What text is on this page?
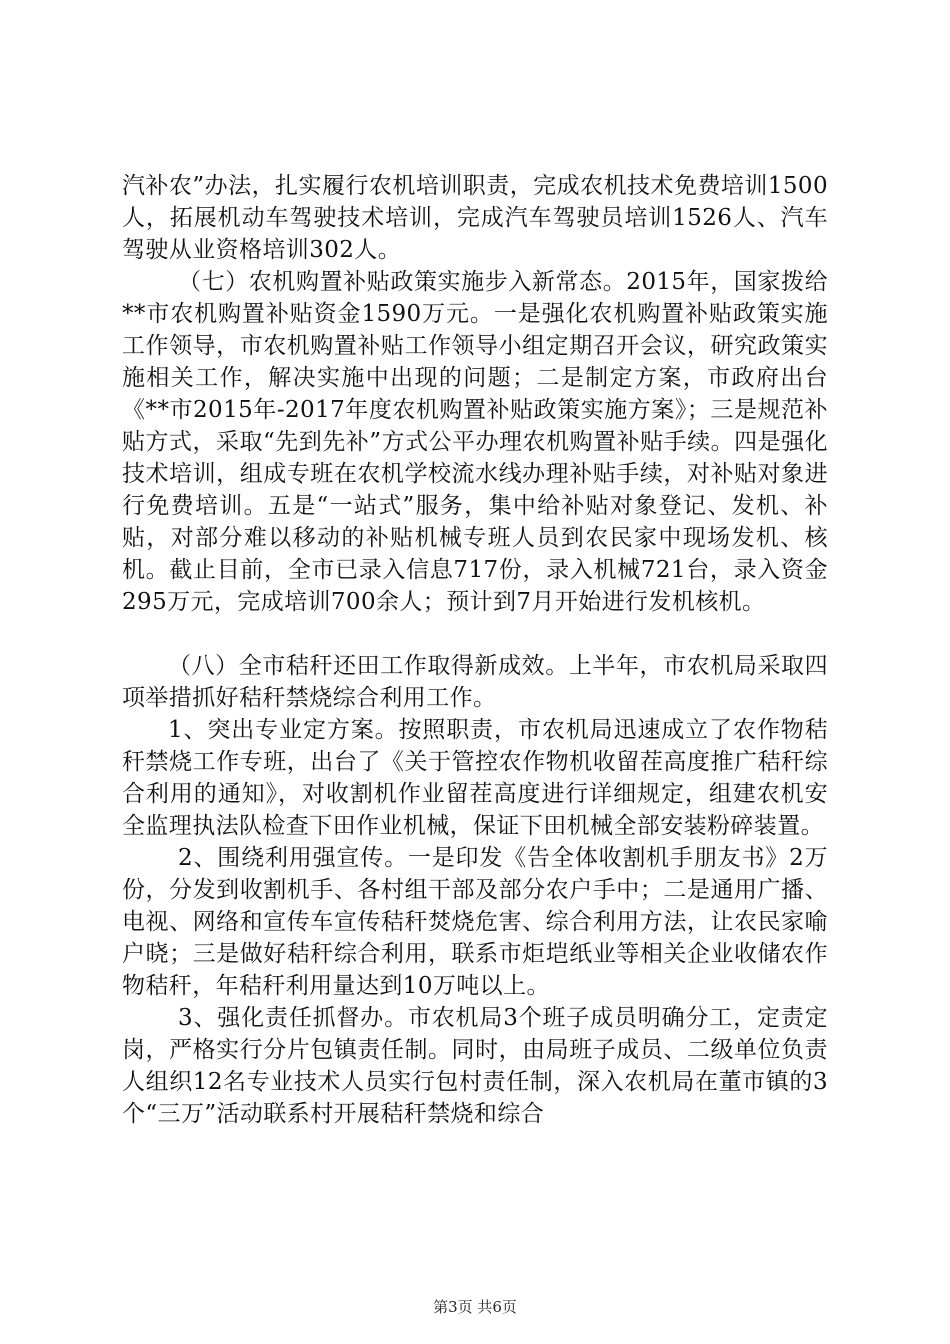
汽补农”办法，扎实履行农机培训职责，完成农机技术免费培训1500人，拓展机动车驾驶技术培训，完成汽车驾驶员培训1526人、汽车驾驶从业资格培训302人。

（七）农机购置补贴政策实施步入新常态。2015年，国家拨给**市农机购置补贴资金1590万元。一是强化农机购置补贴政策实施工作领导，市农机购置补贴工作领导小组定期召开会议，研究政策实施相关工作，解决实施中出现的问题；二是制定方案，市政府出台《**市2015年-2017年度农机购置补贴政策实施方案》；三是规范补贴方式，采取“先到先补”方式公平办理农机购置补贴手续。四是强化技术培训，组成专班在农机学校流水线办理补贴手续，对补贴对象进行免费培训。五是“一站式”服务，集中给补贴对象登记、发机、补贴，对部分难以移动的补贴机械专班人员到农民家中现场发机、核机。截止目前，全市已录入信息717份，录入机械721台，录入资金295万元，完成培训700余人；预计到7月开始进行发机核机。

（八）全市秸秆还田工作取得新成效。上半年，市农机局采取四项举措抓好秸秆禁烧综合利用工作。

1、突出专业定方案。按照职责，市农机局迅速成立了农作物秸秆禁烧工作专班，出台了《关于管控农作物机收留茬高度推广秸秆综合利用的通知》，对收割机作业留茬高度进行详细规定，组建农机安全监理执法队检查下田作业机械，保证下田机械全部安装粉碎装置。

2、围绕利用强宣传。一是印发《告全体收割机手朋友书》2万份，分发到收割机手、各村组干部及部分农户手中；二是通用广播、电视、网络和宣传车宣传秸秆焚烧危害、综合利用方法，让农民家喻户晓；三是做好秸秆综合利用，联系市炬垲纸业等相关企业收储农作物秸秆，年秸秆利用量达到10万吨以上。

3、强化责任抓督办。市农机局3个班子成员明确分工，定责定岗，严格实行分片包镇责任制。同时，由局班子成员、二级单位负责人组织12名专业技术人员实行包村责任制，深入农机局在董市镇的3个“三万”活动联系村开展秸秆禁烧和综合

第3页 共6页
